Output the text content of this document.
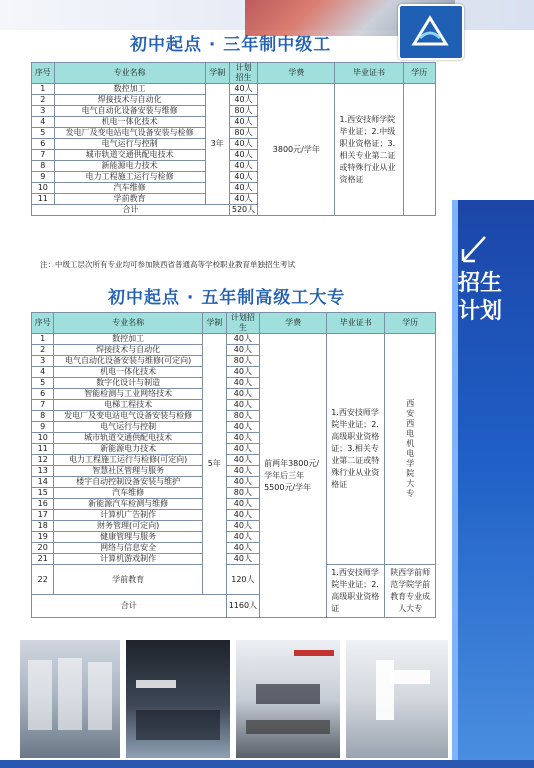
初中起点 · 三年制中级工
序号	专业名称	学制	计划招生	学费	毕业证书	学历
1	数控加工	3年	40人	3800元/学年	1.西安技师学院毕业证；2.中级职业资格证；3.相关专业第二证或特殊行业从业资格证	
2	焊接技术与自动化		40人			
3	电气自动化设备安装与维修		80人			
4	机电一体化技术		40人			
5	发电厂及变电站电气设备安装与检修		80人			
6	电气运行与控制		40人			
7	城市轨道交通供配电技术		40人			
8	新能源电力技术		40人			
9	电力工程施工运行与检修		40人			
10	汽车维修		40人			
11	学前教育		40人			
合计			520人			
注：中级工层次所有专业均可参加陕西省普通高等学校职业教育单独招生考试
初中起点 · 五年制高级工大专
序号	专业名称	学制	计划招生	学费	毕业证书	学历
1	数控加工	5年	40人	前两年3800元/学年后三年5500元/学年	1.西安技师学院毕业证；2.高级职业资格证；3.相关专业第二证或特殊行业从业资格证	西安西电机电学院大专

2	焊接技术与自动化		40人			
3	电气自动化设备安装与维修(可定向)		80人			
4	机电一体化技术		40人			
5	数字化设计与制造		40人			
6	智能检测与工业网络技术		40人			
7	电梯工程技术		40人			
8	发电厂及变电站电气设备安装与检修		80人			
9	电气运行与控制		40人			
10	城市轨道交通供配电技术		40人			
11	新能源电力技术		40人			
12	电力工程施工运行与检修(可定向)		40人			
13	智慧社区管理与服务		40人			
14	楼宇自动控制设备安装与维护		40人			
15	汽车维修		80人			
16	新能源汽车检测与维修		40人			
17	计算机广告制作		40人			
18	财务管理(可定向)		40人			
19	健康管理与服务		40人			
20	网络与信息安全		40人			
21	计算机游戏制作		40人			
22	学前教育		120人		1.西安技师学院毕业证；2.高级职业资格证	陕西学前师范学院学前教育专业成人大专
合计			1160人			
招生计划
